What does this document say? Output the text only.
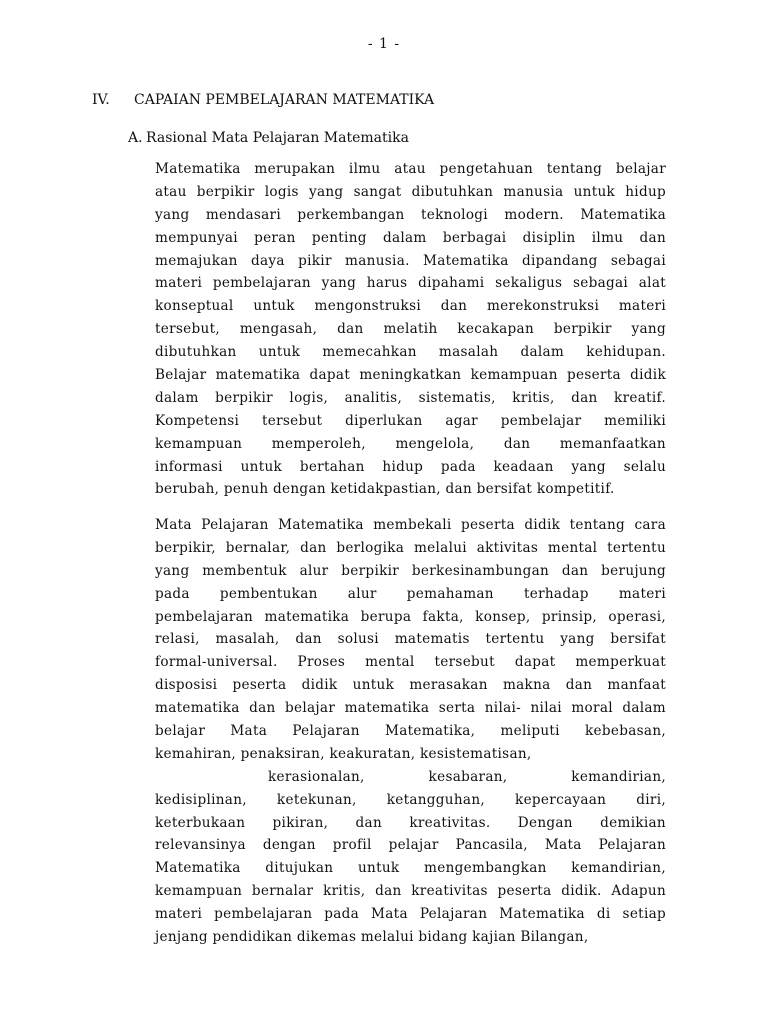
- 1 -
IV. CAPAIAN PEMBELAJARAN MATEMATIKA
A. Rasional Mata Pelajaran Matematika
Matematika merupakan ilmu atau pengetahuan tentang belajar
atau berpikir logis yang sangat dibutuhkan manusia untuk hidup
yang mendasari perkembangan teknologi modern. Matematika
mempunyai peran penting dalam berbagai disiplin ilmu dan
memajukan daya pikir manusia. Matematika dipandang sebagai
materi pembelajaran yang harus dipahami sekaligus sebagai alat
konseptual untuk mengonstruksi dan merekonstruksi materi
tersebut, mengasah, dan melatih kecakapan berpikir yang
dibutuhkan untuk memecahkan masalah dalam kehidupan.
Belajar matematika dapat meningkatkan kemampuan peserta didik
dalam berpikir logis, analitis, sistematis, kritis, dan kreatif.
Kompetensi tersebut diperlukan agar pembelajar memiliki
kemampuan memperoleh, mengelola, dan memanfaatkan
informasi untuk bertahan hidup pada keadaan yang selalu
berubah, penuh dengan ketidakpastian, dan bersifat kompetitif.
Mata Pelajaran Matematika membekali peserta didik tentang cara
berpikir, bernalar, dan berlogika melalui aktivitas mental tertentu
yang membentuk alur berpikir berkesinambungan dan berujung
pada pembentukan alur pemahaman terhadap materi
pembelajaran matematika berupa fakta, konsep, prinsip, operasi,
relasi, masalah, dan solusi matematis tertentu yang bersifat
formal-universal. Proses mental tersebut dapat memperkuat
disposisi peserta didik untuk merasakan makna dan manfaat
matematika dan belajar matematika serta nilai- nilai moral dalam
belajar Mata Pelajaran Matematika, meliputi kebebasan,
kemahiran, penaksiran, keakuratan, kesistematisan,
kerasionalan, kesabaran, kemandirian,
kedisiplinan, ketekunan, ketangguhan, kepercayaan diri,
keterbukaan pikiran, dan kreativitas. Dengan demikian
relevansinya dengan profil pelajar Pancasila, Mata Pelajaran
Matematika ditujukan untuk mengembangkan kemandirian,
kemampuan bernalar kritis, dan kreativitas peserta didik. Adapun
materi pembelajaran pada Mata Pelajaran Matematika di setiap
jenjang pendidikan dikemas melalui bidang kajian Bilangan,
